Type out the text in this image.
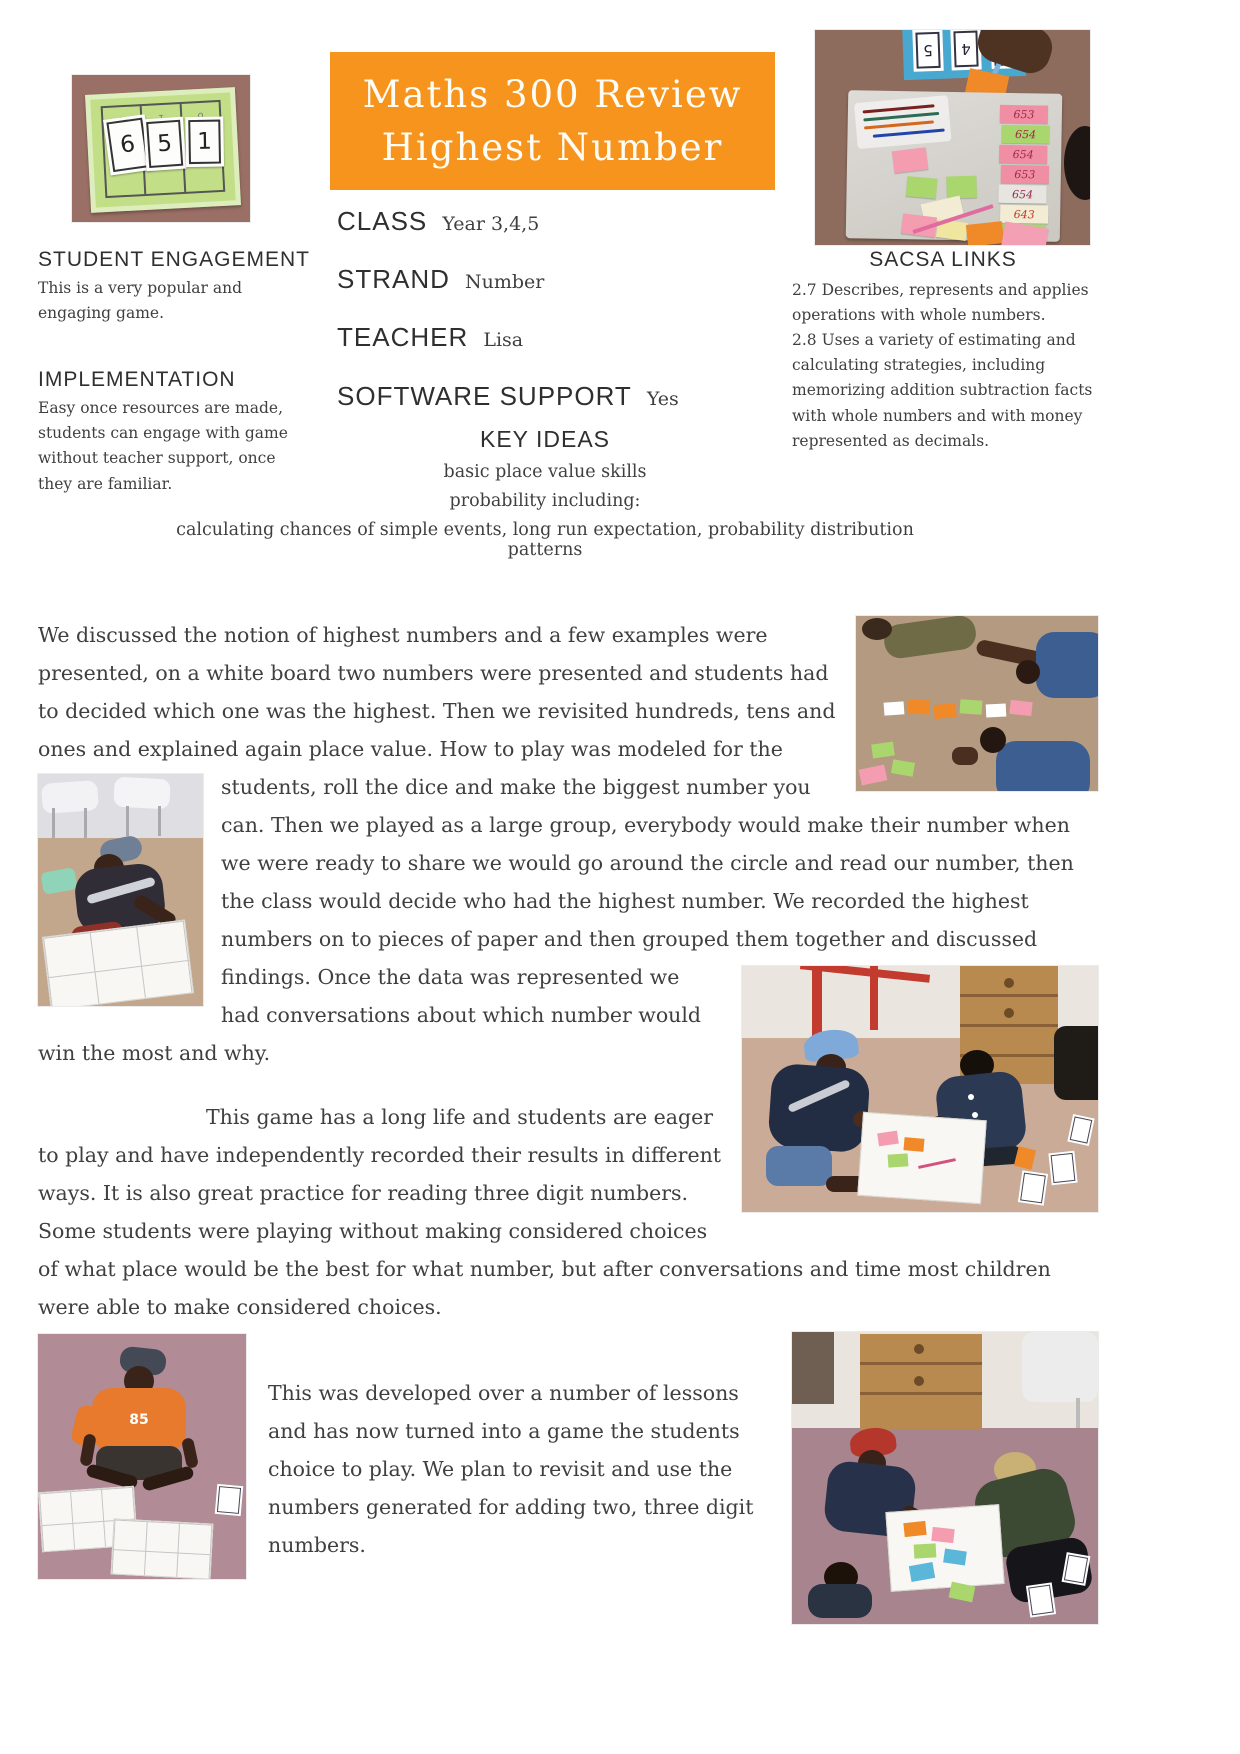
6 5	1
Maths 300 Review
Highest Number
5	4
653
654
654
653
654
643
CLASS Year 3,4,5
STRAND Number
TEACHER Lisa
SOFTWARE SUPPORT Yes
STUDENT ENGAGEMENT
This is a very popular and engaging game.
IMPLEMENTATION
Easy once resources are made, students can engage with game without teacher support, once they are familiar.
SACSA LINKS

2.7 Describes, represents and applies operations with whole numbers.

2.8 Uses a variety of estimating and calculating strategies, including memorizing addition subtraction facts with whole numbers and with money represented as decimals.

KEY IDEAS
basic place value skills
probability including:
calculating chances of simple events, long run expectation, probability distribution patterns
We discussed the notion of highest numbers and a few examples were presented, on a white board two numbers were presented and students had to decided which one was the highest. Then we revisited hundreds, tens and ones and explained again place value. How to play was modeled for the students, roll the dice and make the biggest
number you can. Then we played as a large group, everybody would make their number when we were ready to share we would go around the circle and read our number, then the class would decide who had the highest number. We recorded the highest numbers on to pieces of paper and then grouped them together and discussed findings.
Once the data was represented we had conversations about which number would win the most and why.

This game has a long life and students are eager to play and have independently recorded their results in different ways. It is also great practice for reading three digit numbers. Some students were playing without making considered choices of what place would be the best for what number, but after conversations and time most children were able to make considered choices.

85

This was developed over a number of lessons and has now turned into a game the students choice to play. We plan to revisit and use the numbers generated for adding two, three digit numbers.
